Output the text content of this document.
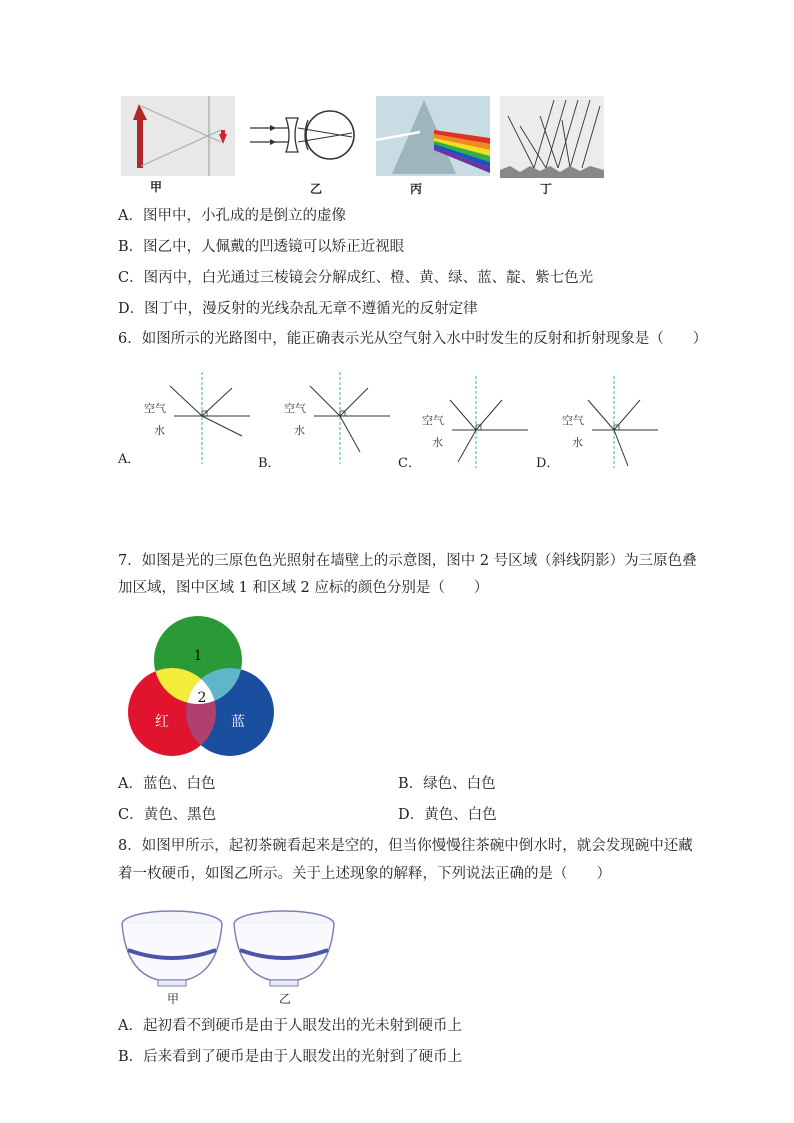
甲	乙	丙	丁
A．图甲中，小孔成的是倒立的虚像
B．图乙中，人佩戴的凹透镜可以矫正近视眼
C．图丙中，白光通过三棱镜会分解成红、橙、黄、绿、蓝、靛、紫七色光
D．图丁中，漫反射的光线杂乱无章不遵循光的反射定律
6．如图所示的光路图中，能正确表示光从空气射入水中时发生的反射和折射现象是（　　）
空气
水
A．
空气
水
B．
空气
水
C．
空气
水
D．
7．如图是光的三原色色光照射在墙壁上的示意图，图中 2 号区域（斜线阴影）为三原色叠
加区域，图中区域 1 和区域 2 应标的颜色分别是（　　）
1
2
红	蓝
A．蓝色、白色	B．绿色、白色
C．黄色、黑色	D．黄色、白色
8．如图甲所示，起初茶碗看起来是空的，但当你慢慢往茶碗中倒水时，就会发现碗中还藏
着一枚硬币，如图乙所示。关于上述现象的解释，下列说法正确的是（　　）
甲	乙
A．起初看不到硬币是由于人眼发出的光未射到硬币上
B．后来看到了硬币是由于人眼发出的光射到了硬币上
